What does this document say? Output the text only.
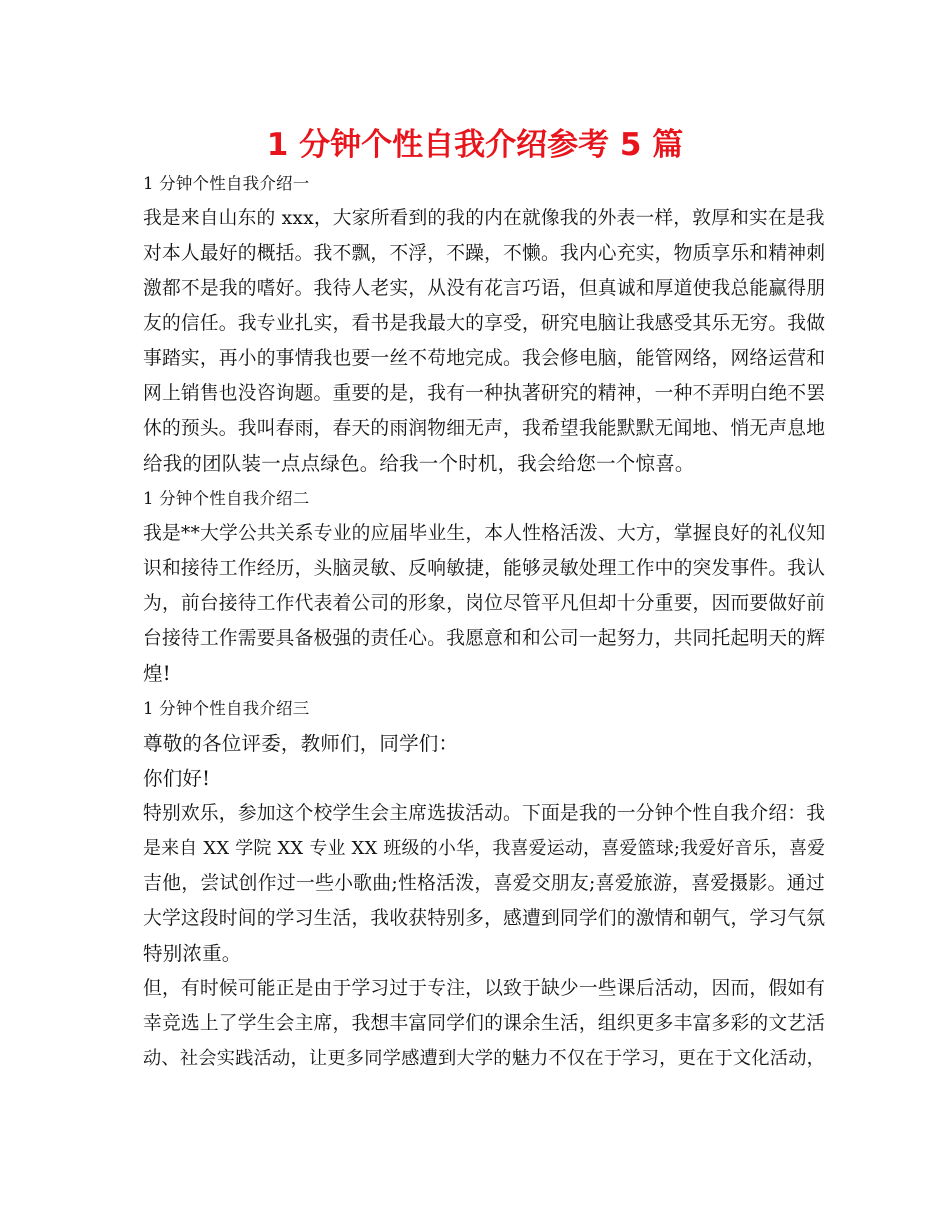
1 分钟个性自我介绍参考 5 篇
1 分钟个性自我介绍一
我是来自山东的 xxx，大家所看到的我的内在就像我的外表一样，敦厚和实在是我
对本人最好的概括。我不飘，不浮，不躁，不懒。我内心充实，物质享乐和精神刺
激都不是我的嗜好。我待人老实，从没有花言巧语，但真诚和厚道使我总能赢得朋
友的信任。我专业扎实，看书是我最大的享受，研究电脑让我感受其乐无穷。我做
事踏实，再小的事情我也要一丝不苟地完成。我会修电脑，能管网络，网络运营和
网上销售也没咨询题。重要的是，我有一种执著研究的精神，一种不弄明白绝不罢
休的预头。我叫春雨，春天的雨润物细无声，我希望我能默默无闻地、悄无声息地
给我的团队装一点点绿色。给我一个时机，我会给您一个惊喜。
1 分钟个性自我介绍二
我是**大学公共关系专业的应届毕业生，本人性格活泼、大方，掌握良好的礼仪知
识和接待工作经历，头脑灵敏、反响敏捷，能够灵敏处理工作中的突发事件。我认
为，前台接待工作代表着公司的形象，岗位尽管平凡但却十分重要，因而要做好前
台接待工作需要具备极强的责任心。我愿意和和公司一起努力，共同托起明天的辉
煌!
1 分钟个性自我介绍三
尊敬的各位评委，教师们，同学们：
你们好!
特别欢乐，参加这个校学生会主席选拔活动。下面是我的一分钟个性自我介绍：我
是来自 XX 学院 XX 专业 XX 班级的小华，我喜爱运动，喜爱篮球;我爱好音乐，喜爱
吉他，尝试创作过一些小歌曲;性格活泼，喜爱交朋友;喜爱旅游，喜爱摄影。通过
大学这段时间的学习生活，我收获特别多，感遭到同学们的激情和朝气，学习气氛
特别浓重。
但，有时候可能正是由于学习过于专注，以致于缺少一些课后活动，因而，假如有
幸竞选上了学生会主席，我想丰富同学们的课余生活，组织更多丰富多彩的文艺活
动、社会实践活动，让更多同学感遭到大学的魅力不仅在于学习，更在于文化活动，
